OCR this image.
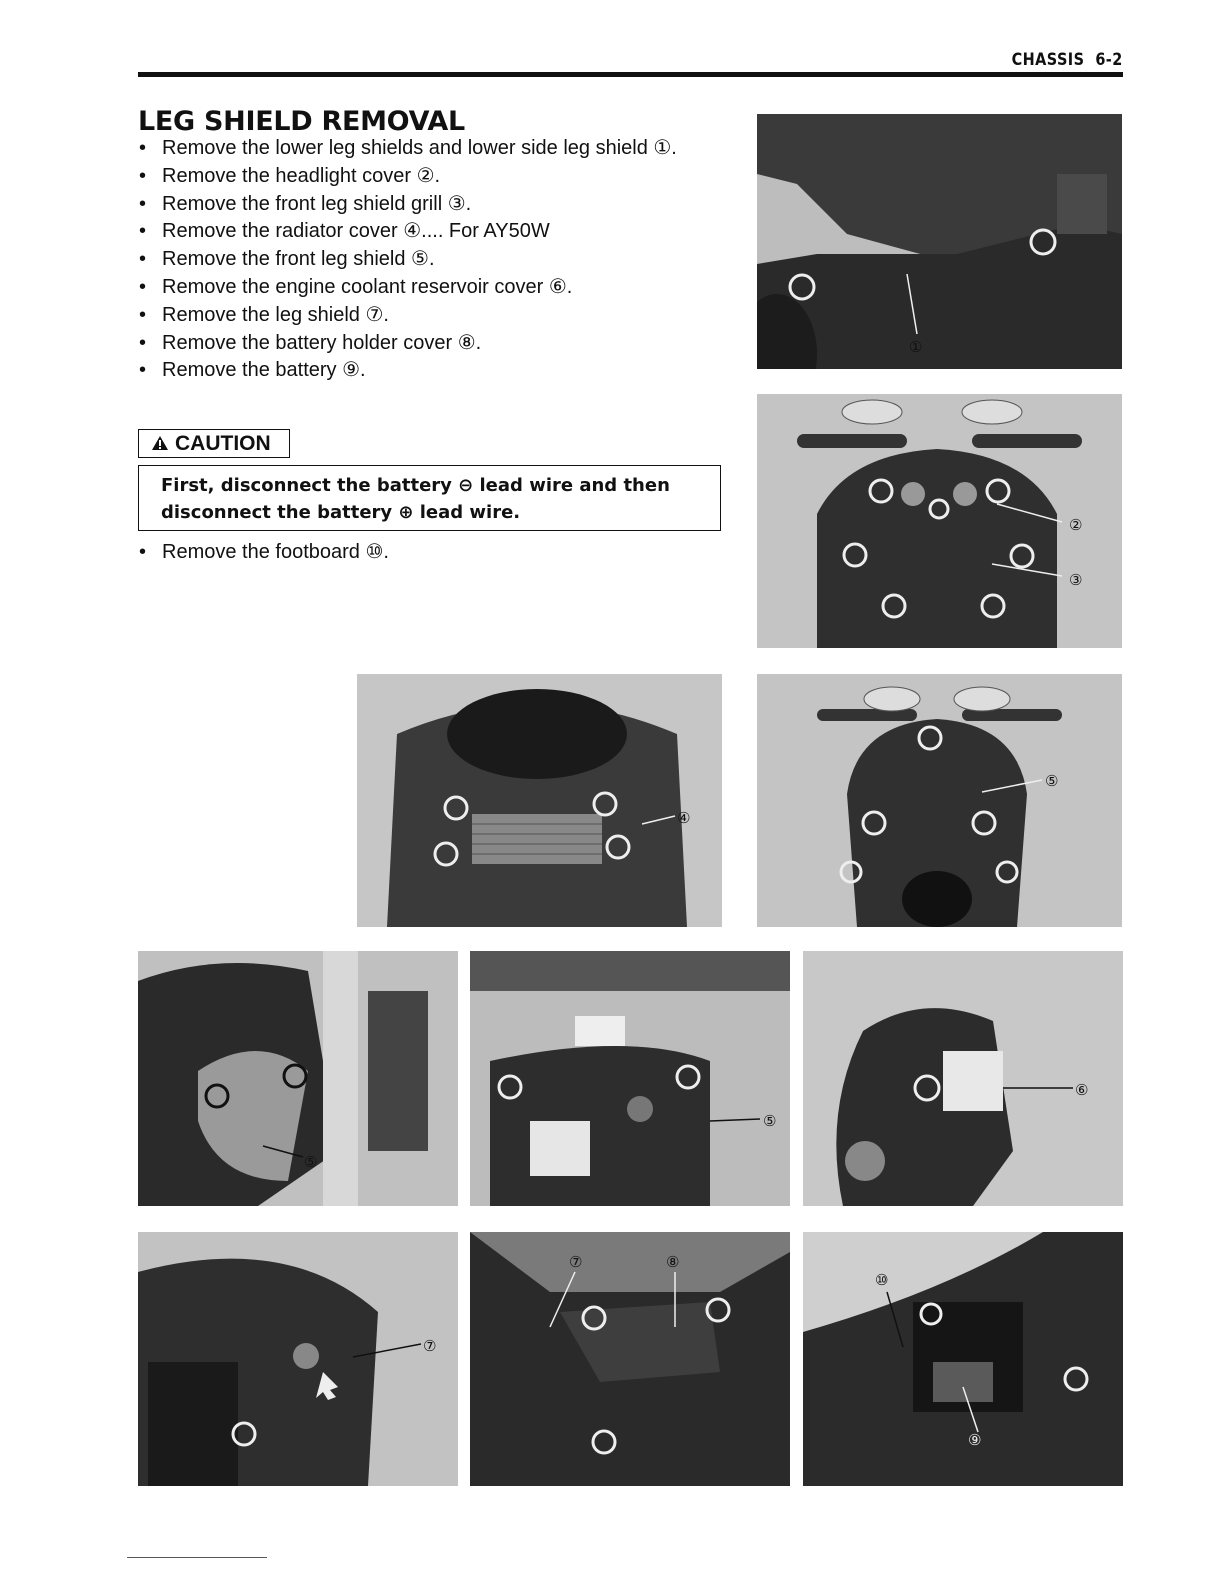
CHASSIS 6-2
LEG SHIELD REMOVAL
• Remove the lower leg shields and lower side leg shield ①.
• Remove the headlight cover ②.
• Remove the front leg shield grill ③.
• Remove the radiator cover ④.... For AY50W
• Remove the front leg shield ⑤.
• Remove the engine coolant reservoir cover ⑥.
• Remove the leg shield ⑦.
• Remove the battery holder cover ⑧.
• Remove the battery ⑨.
CAUTION
First, disconnect the battery ⊖ lead wire and then
disconnect the battery ⊕ lead wire.
• Remove the footboard ⑩.
①
②
③
④
⑤
⑤
⑤
⑥
⑦
⑦	⑧
⑩
⑨
